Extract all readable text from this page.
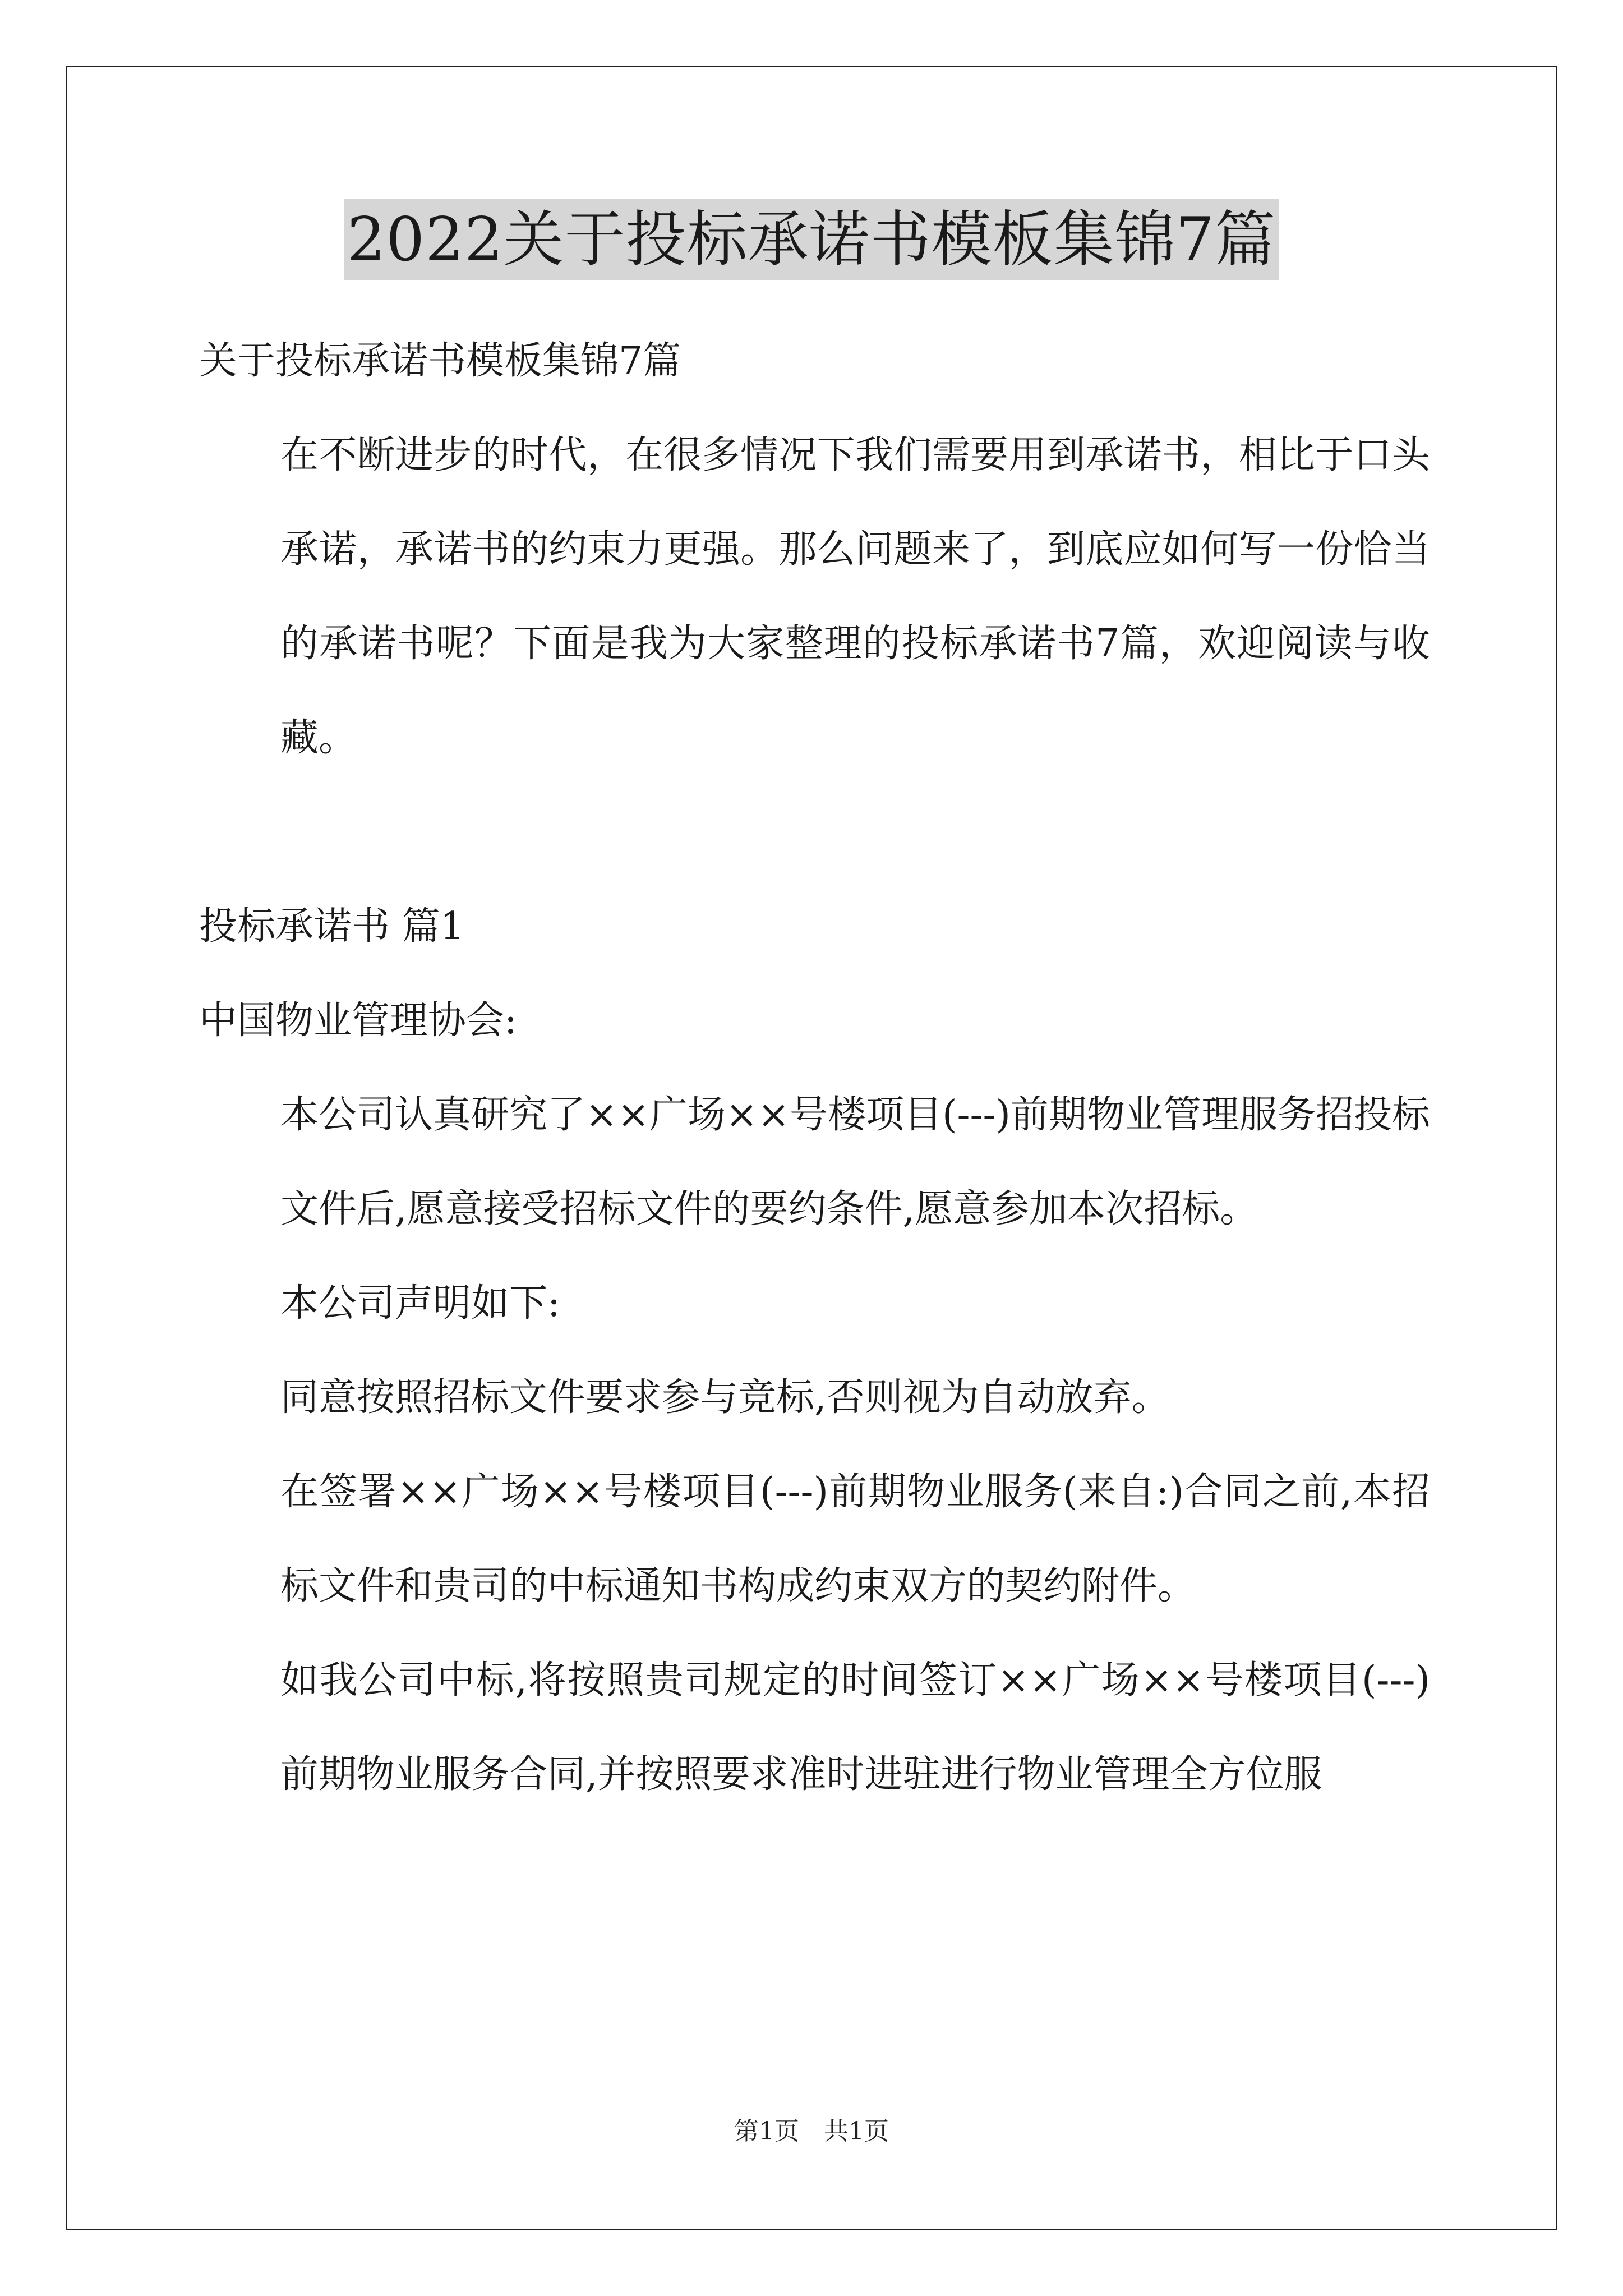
2022关于投标承诺书模板集锦7篇

关于投标承诺书模板集锦7篇

在不断进步的时代，在很多情况下我们需要用到承诺书，相比于口头承诺，承诺书的约束力更强。那么问题来了，到底应如何写一份恰当的承诺书呢？下面是我为大家整理的投标承诺书7篇，欢迎阅读与收藏。

投标承诺书 篇1

中国物业管理协会:

本公司认真研究了××广场××号楼项目(---)前期物业管理服务招投标文件后,愿意接受招标文件的要约条件,愿意参加本次招标。

本公司声明如下:

同意按照招标文件要求参与竞标,否则视为自动放弃。

在签署××广场××号楼项目(---)前期物业服务(来自:)合同之前,本招标文件和贵司的中标通知书构成约束双方的契约附件。

如我公司中标,将按照贵司规定的时间签订××广场××号楼项目(---)前期物业服务合同,并按照要求准时进驻进行物业管理全方位服

第1页　共1页
